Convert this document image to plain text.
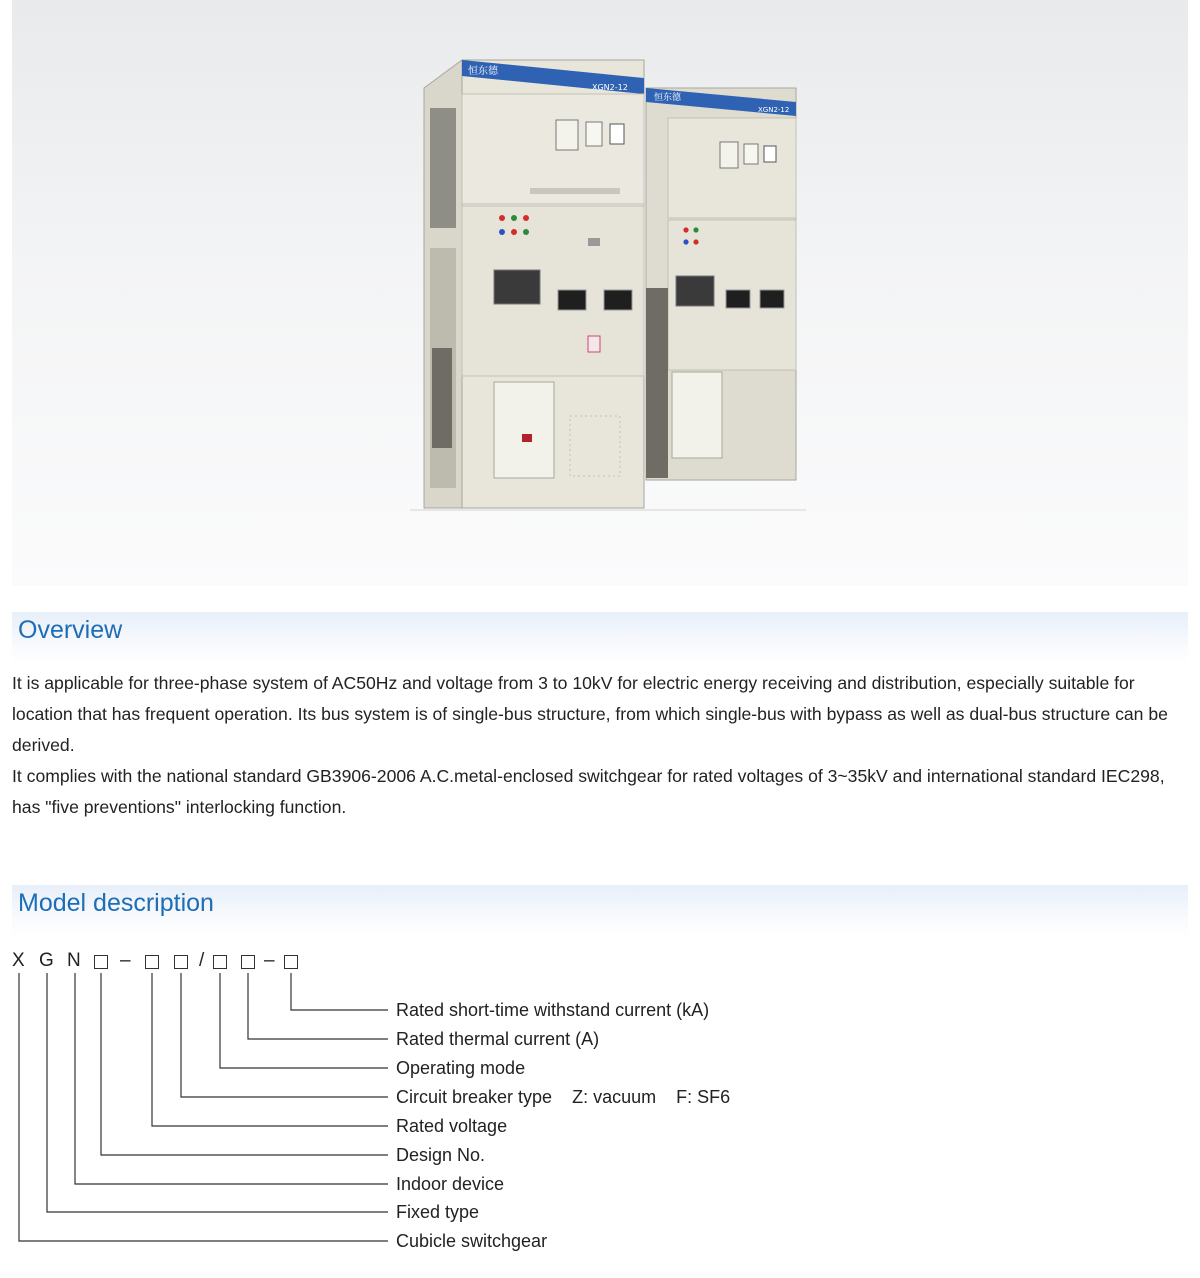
恒东德
XGN2-12
恒东德
XGN2-12
Overview

It is applicable for three-phase system of AC50Hz and voltage from 3 to 10kV for electric energy receiving and distribution, especially suitable for location that has frequent operation. Its bus system is of single-bus structure, from which single-bus with bypass as well as dual-bus structure can be derived.

It complies with the national standard GB3906-2006 A.C.metal-enclosed switchgear for rated voltages of 3~35kV and international standard IEC298, has "five preventions" interlocking function.

Model description
X G N –	/	–
Rated short-time withstand current (kA)
Rated thermal current (A)
Operating mode
Circuit breaker type Z: vacuum F: SF6
Rated voltage
Design No.
Indoor device
Fixed type
Cubicle switchgear
